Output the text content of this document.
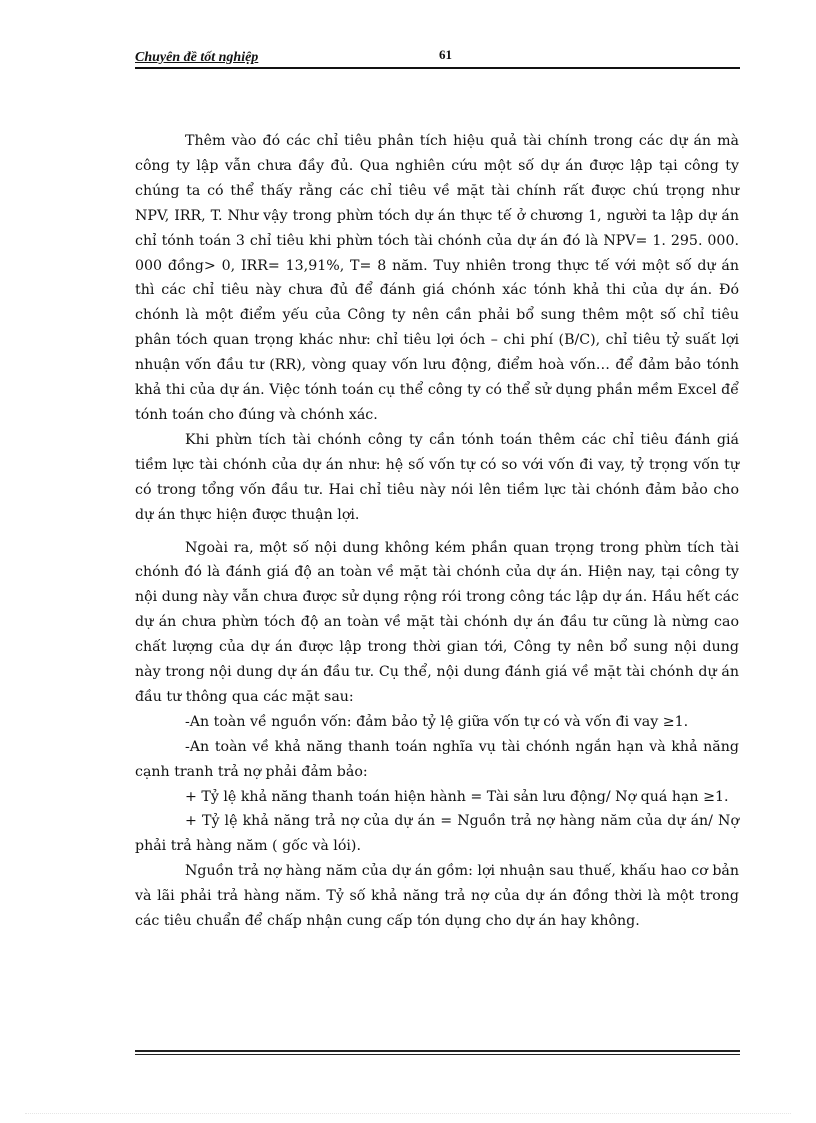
Chuyên đề tốt nghiệp	61

Thêm vào đó các chỉ tiêu phân tích hiệu quả tài chính trong các dự án mà công ty lập vẫn chưa đầy đủ. Qua nghiên cứu một số dự án được lập tại công ty chúng ta có thể thấy rằng các chỉ tiêu về mặt tài chính rất được chú trọng như NPV, IRR, T. Như vậy trong phừn tóch dự án thực tế ở chương 1, người ta lập dự án chỉ tónh toán 3 chỉ tiêu khi phừn tóch tài chónh của dự án đó là NPV= 1. 295. 000. 000 đồng> 0, IRR= 13,91%, T= 8 năm. Tuy nhiên trong thực tế với một số dự án thì các chỉ tiêu này chưa đủ để đánh giá chónh xác tónh khả thi của dự án. Đó chónh là một điểm yếu của Công ty nên cần phải bổ sung thêm một số chỉ tiêu phân tóch quan trọng khác như: chỉ tiêu lợi óch – chi phí (B/C), chỉ tiêu tỷ suất lợi nhuận vốn đầu tư (RR), vòng quay vốn lưu động, điểm hoà vốn… để đảm bảo tónh khả thi của dự án. Việc tónh toán cụ thể công ty có thể sử dụng phần mềm Excel để tónh toán cho đúng và chónh xác.

Khi phừn tích tài chónh công ty cần tónh toán thêm các chỉ tiêu đánh giá tiềm lực tài chónh của dự án như: hệ số vốn tự có so với vốn đi vay, tỷ trọng vốn tự có trong tổng vốn đầu tư. Hai chỉ tiêu này nói lên tiềm lực tài chónh đảm bảo cho dự án thực hiện được thuận lợi.

Ngoài ra, một số nội dung không kém phần quan trọng trong phừn tích tài chónh đó là đánh giá độ an toàn về mặt tài chónh của dự án. Hiện nay, tại công ty nội dung này vẫn chưa được sử dụng rộng rói trong công tác lập dự án. Hầu hết các dự án chưa phừn tóch độ an toàn về mặt tài chónh dự án đầu tư cũng là nừng cao chất lượng của dự án được lập trong thời gian tới, Công ty nên bổ sung nội dung này trong nội dung dự án đầu tư. Cụ thể, nội dung đánh giá về mặt tài chónh dự án đầu tư thông qua các mặt sau:

-An toàn về nguồn vốn: đảm bảo tỷ lệ giữa vốn tự có và vốn đi vay ≥1.

-An toàn về khả năng thanh toán nghĩa vụ tài chónh ngắn hạn và khả năng cạnh tranh trả nợ phải đảm bảo:

+ Tỷ lệ khả năng thanh toán hiện hành = Tài sản lưu động/ Nợ quá hạn ≥1.

+ Tỷ lệ khả năng trả nợ của dự án = Nguồn trả nợ hàng năm của dự án/ Nợ phải trả hàng năm ( gốc và lói).

Nguồn trả nợ hàng năm của dự án gồm: lợi nhuận sau thuế, khấu hao cơ bản và lãi phải trả hàng năm. Tỷ số khả năng trả nợ của dự án đồng thời là một trong các tiêu chuẩn để chấp nhận cung cấp tón dụng cho dự án hay không.
